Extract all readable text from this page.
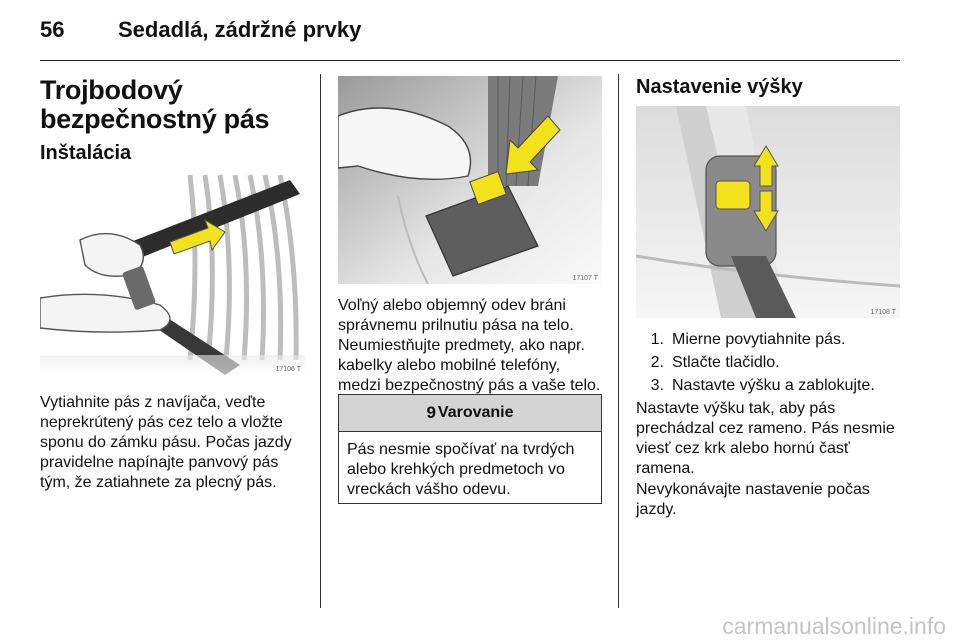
56 Sedadlá, zádržné prvky
Trojbodový bezpečnostný pás
Inštalácia
17106 T
Vytiahnite pás z navíjača, veďte
neprekrútený pás cez telo a vložte
sponu do zámku pásu. Počas jazdy
pravidelne napínajte panvový pás
tým, že zatiahnete za plecný pás.
17107 T
Voľný alebo objemný odev bráni
správnemu prilnutiu pása na telo.
Neumiestňujte predmety, ako napr.
kabelky alebo mobilné telefóny,
medzi bezpečnostný pás a vaše telo.
9 Varovanie
Pás nesmie spočívať na tvrdých
alebo krehkých predmetoch vo
vreckách vášho odevu.
Nastavenie výšky
17108 T
1. Mierne povytiahnite pás.
2. Stlačte tlačidlo.
3. Nastavte výšku a zablokujte.
Nastavte výšku tak, aby pás
prechádzal cez rameno. Pás nesmie
viesť cez krk alebo hornú časť
ramena.
Nevykonávajte nastavenie počas
jazdy.
carmanualsonline.info
